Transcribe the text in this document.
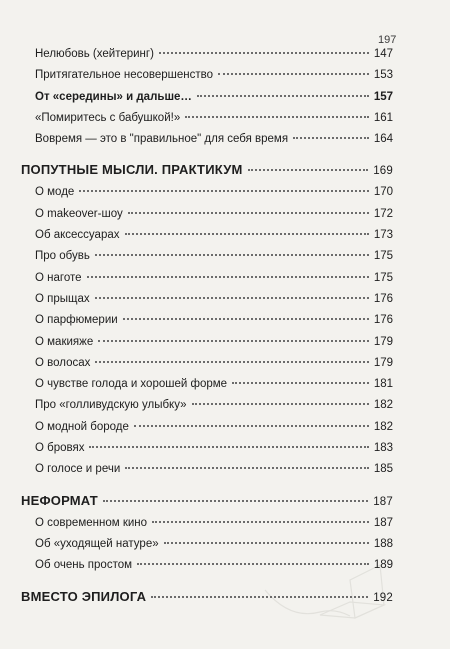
197
Нелюбовь (хейтеринг)	147
Притягательное несовершенство	153
От «середины» и дальше…	157
«Помиритесь с бабушкой!»	161
Вовремя — это в "правильное" для себя время	164
ПОПУТНЫЕ МЫСЛИ. ПРАКТИКУМ	169
О моде	170
О makeover-шоу	172
Об аксессуарах	173
Про обувь	175
О наготе	175
О прыщах	176
О парфюмерии	176
О макияже	179
О волосах	179
О чувстве голода и хорошей форме	181
Про «голливудскую улыбку»	182
О модной бороде	182
О бровях	183
О голосе и речи	185
НЕФОРМАТ	187
О современном кино	187
Об «уходящей натуре»	188
Об очень простом	189
ВМЕСТО ЭПИЛОГА	192
